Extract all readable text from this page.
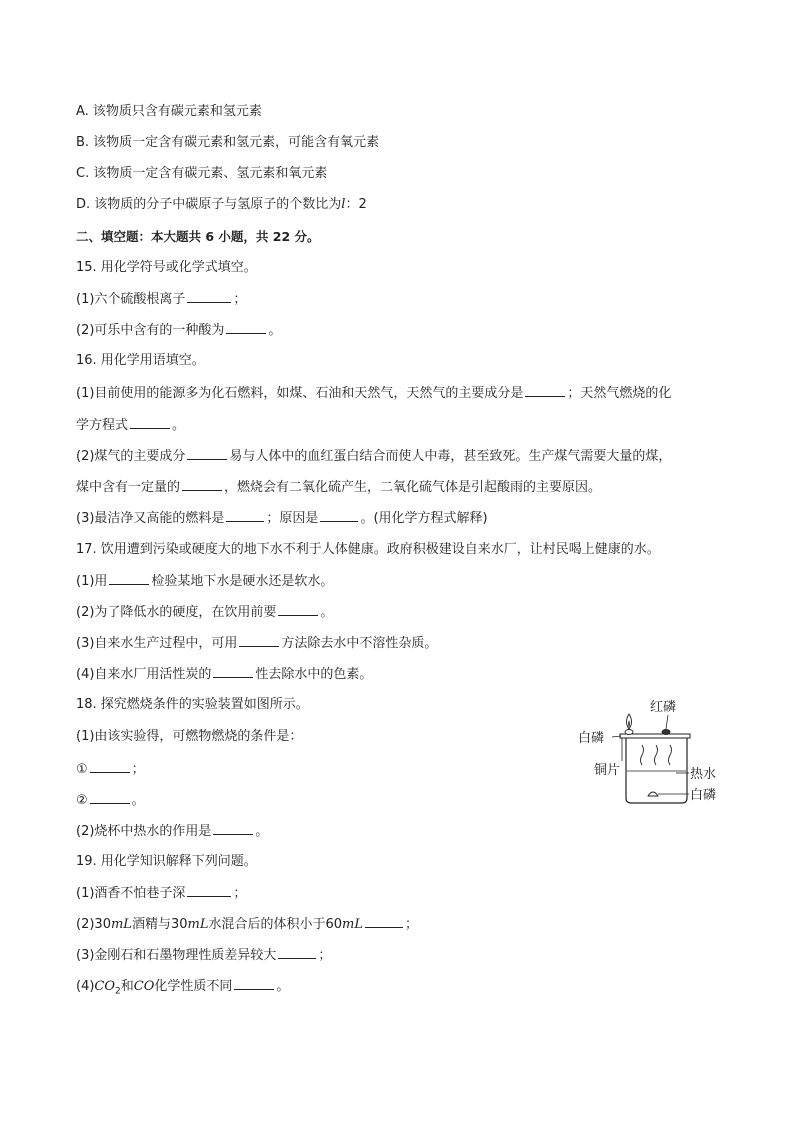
A. 该物质只含有碳元素和氢元素
B. 该物质一定含有碳元素和氢元素，可能含有氧元素
C. 该物质一定含有碳元素、氢元素和氧元素
D. 该物质的分子中碳原子与氢原子的个数比为l：2
二、填空题：本大题共 6 小题，共 22 分。
15. 用化学符号或化学式填空。
(1)六个硫酸根离子	；
(2)可乐中含有的一种酸为	。
16. 用化学用语填空。
(1)目前使用的能源多为化石燃料，如煤、石油和天然气，天然气的主要成分是	；天然气燃烧的化
学方程式	。
(2)煤气的主要成分	易与人体中的血红蛋白结合而使人中毒，甚至致死。生产煤气需要大量的煤，
煤中含有一定量的	，燃烧会有二氧化硫产生，二氧化硫气体是引起酸雨的主要原因。
(3)最洁净又高能的燃料是	；原因是	。(用化学方程式解释)
17. 饮用遭到污染或硬度大的地下水不利于人体健康。政府积极建设自来水厂，让村民喝上健康的水。
(1)用	检验某地下水是硬水还是软水。
(2)为了降低水的硬度，在饮用前要	。
(3)自来水生产过程中，可用	方法除去水中不溶性杂质。
(4)自来水厂用活性炭的	性去除水中的色素。
18. 探究燃烧条件的实验装置如图所示。
(1)由该实验得，可燃物燃烧的条件是：
①	；
②	。
(2)烧杯中热水的作用是	。
红磷
白磷
铜片	热水
白磷
19. 用化学知识解释下列问题。
(1)酒香不怕巷子深	；
(2)30mL酒精与30mL水混合后的体积小于60mL	；
(3)金刚石和石墨物理性质差异较大	；
$(4)CO_2$和CO化学性质不同	。
